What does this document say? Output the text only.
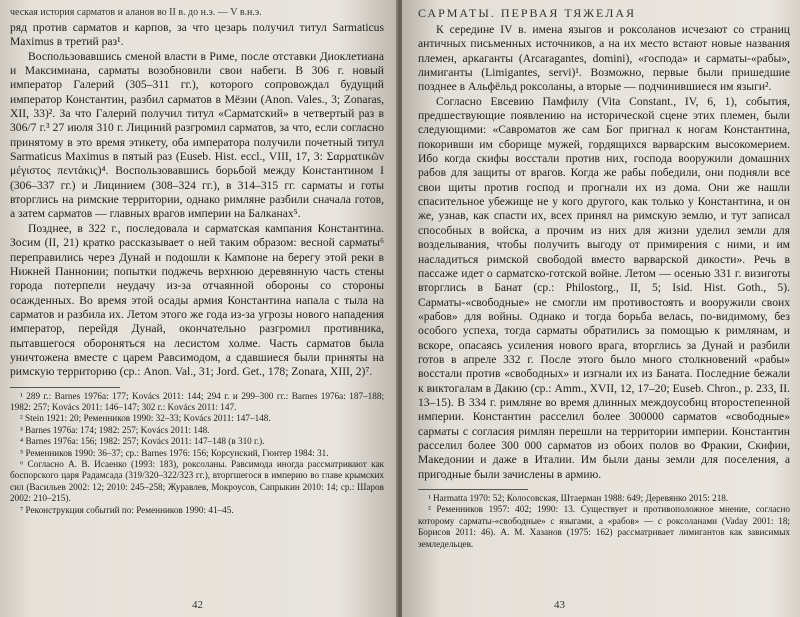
ческая история сарматов и аланов во II в. до н.э. — V в.н.э.

ряд против сарматов и карпов, за что цезарь получил титул Sarmaticus Maximus в третий раз¹.

Воспользовавшись сменой власти в Риме, после отставки Диоклетиана и Максимиана, сарматы возобновили свои набеги. В 306 г. новый император Галерий (305–311 гг.), которого сопровождал будущий император Константин, разбил сарматов в Мёзии (Anon. Vales., 3; Zonaras, XII, 33)². За что Галерий получил титул «Сарматский» в четвертый раз в 306/7 г.³ 27 июля 310 г. Лициний разгромил сарматов, за что, если согласно принятому в это время этикету, оба императора получили почетный титул Sarmaticus Maximus в пятый раз (Euseb. Hist. eccl., VIII, 17, 3: Σαρματικῶν μέγιστος πεντάκις)⁴. Воспользовавшись борьбой между Константином I (306–337 гг.) и Лицинием (308–324 гг.), в 314–315 гг. сарматы и готы вторглись на римские территории, однако римляне разбили сначала готов, а затем сарматов — главных врагов империи на Балканах⁵.

Позднее, в 322 г., последовала и сарматская кампания Константина. Зосим (II, 21) кратко рассказывает о ней таким образом: весной сарматы⁶ переправились через Дунай и подошли к Кампоне на берегу этой реки в Нижней Паннонии; попытки поджечь верхнюю деревянную часть стены города потерпели неудачу из-за отчаянной обороны со стороны осажденных. Во время этой осады армия Константина напала с тыла на сарматов и разбила их. Летом этого же года из-за угрозы нового нападения император, перейдя Дунай, окончательно разгромил противника, пытавшегося обороняться на лесистом холме. Часть сарматов была уничтожена вместе с царем Равсимодом, а сдавшиеся были приняты на римскую территорию (ср.: Anon. Val., 31; Jord. Get., 178; Zonara, XIII, 2)⁷.

¹ 289 г.: Barnes 1976a: 177; Kovács 2011: 144; 294 г. и 299–300 гг.: Barnes 1976a: 187–188; 1982: 257; Kovács 2011: 146–147; 302 г.: Kovács 2011: 147.

² Stein 1921: 20; Ременников 1990: 32–33; Kovács 2011: 147–148.

³ Barnes 1976a: 174; 1982: 257; Kovács 2011: 148.

⁴ Barnes 1976a: 156; 1982: 257; Kovács 2011: 147–148 (в 310 г.).

⁵ Ременников 1990: 36–37; ср.: Barnes 1976: 156; Корсунский, Гюнтер 1984: 31.

⁶ Согласно А. В. Исаенко (1993: 183), роксоланы. Равсимода иногда рассматривают как боспорского царя Радамсада (319/320–322/323 гг.), вторгшегося в империю во главе крымских сил (Васильев 2002: 12; 2010: 245–258; Журавлев, Мокроусов, Сапрыкин 2010: 14; ср.: Шаров 2002: 210–215).

⁷ Реконструкция событий по: Ременников 1990: 41–45.

42
САРМАТЫ. ПЕРВАЯ ТЯЖЕЛАЯ

К середине IV в. имена языгов и роксоланов исчезают со страниц античных письменных источников, а на их место встают новые названия племен, аркаганты (Arcaragantes, domini), «господа» и сарматы-«рабы», лимиганты (Limigantes, servi)¹. Возможно, первые были пришедшие позднее в Альфёльд роксоланы, а вторые — подчинившиеся им языги².

Согласно Евсевию Памфилу (Vita Constant., IV, 6, 1), события, предшествующие появлению на исторической сцене этих племен, были следующими: «Савроматов же сам Бог пригнал к ногам Константина, покоривши им сборище мужей, гордящихся варварским высокомерием. Ибо когда скифы восстали против них, господа вооружили домашних рабов для защиты от врагов. Когда же рабы победили, они подняли все свои щиты против господ и прогнали их из дома. Они же нашли спасительное убежище не у кого другого, как только у Константина, и он же, узнав, как спасти их, всех принял на римскую землю, и тут записал способных в войска, а прочим из них для жизни уделил земли для возделывания, чтобы получить выгоду от примирения с ними, и им насладиться римской свободой вместо варварской дикости». Речь в пассаже идет о сарматско-готской войне. Летом — осенью 331 г. визиготы вторглись в Банат (ср.: Philostorg., II, 5; Isid. Hist. Goth., 5). Сарматы-«свободные» не смогли им противостоять и вооружили своих «рабов» для войны. Однако и тогда борьба велась, по-видимому, без особого успеха, тогда сарматы обратились за помощью к римлянам, и вскоре, опасаясь усиления нового врага, вторглись за Дунай и разбили готов в апреле 332 г. После этого было много столкновений «рабы» восстали против «свободных» и изгнали их из Баната. Последние бежали к виктогалам в Дакию (ср.: Amm., XVII, 12, 17–20; Euseb. Chron., р. 233, II. 13–15). В 334 г. римляне во время длинных междоусобиц второстепенной империи. Константин расселил более 300000 сарматов «свободные» сарматы с согласия римлян перешли на территории империи. Константин расселил более 300 000 сарматов из обоих полов во Фракии, Скифии, Македонии и даже в Италии. Им были даны земли для поселения, а пригодные были зачислены в армию.

¹ Harmatta 1970: 52; Колосовская, Штаерман 1988: 649; Деревянко 2015: 218.

² Ременников 1957: 402; 1990: 13. Существует и противоположное мнение, согласно которому сарматы-«свободные» с языгами, а «рабов» — с роксоланами (Vaday 2001: 18; Борисов 2011: 46). А. М. Хазанов (1975: 162) рассматривает лимигантов как зависимых земледельцев.

43
